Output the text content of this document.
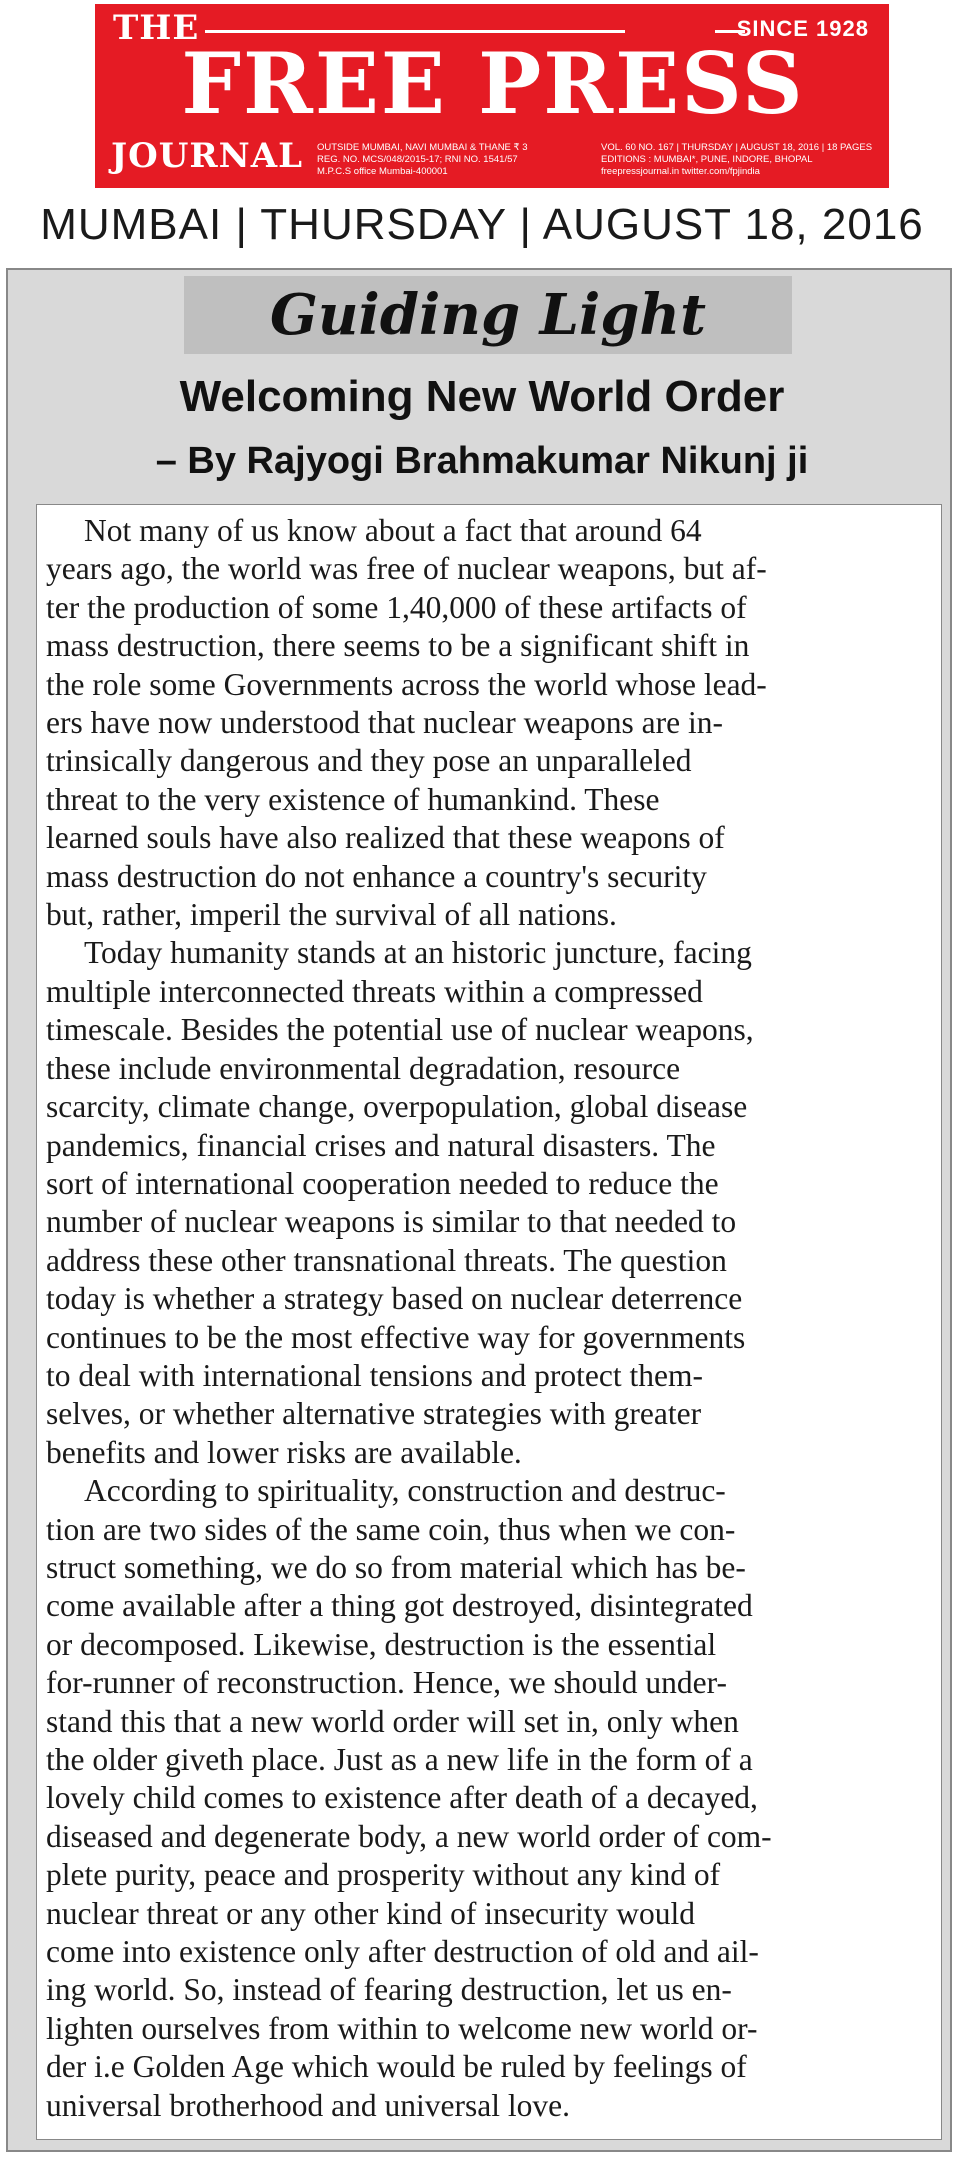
THE	SINCE 1928
FREE PRESS
JOURNAL OUTSIDE MUMBAI, NAVI MUMBAI & THANE ₹ 3
REG. NO. MCS/048/2015-17; RNI NO. 1541/57
M.P.C.S office Mumbai-400001
VOL. 60 NO. 167 | THURSDAY | AUGUST 18, 2016 | 18 PAGES
EDITIONS : MUMBAI*, PUNE, INDORE, BHOPAL
freepressjournal.in twitter.com/fpjindia
MUMBAI | THURSDAY | AUGUST 18, 2016
Guiding Light
Welcoming New World Order
– By Rajyogi Brahmakumar Nikunj ji

Not many of us know about a fact that around 64
years ago, the world was free of nuclear weapons, but af-
ter the production of some 1,40,000 of these artifacts of
mass destruction, there seems to be a significant shift in
the role some Governments across the world whose lead-
ers have now understood that nuclear weapons are in-
trinsically dangerous and they pose an unparalleled
threat to the very existence of humankind. These
learned souls have also realized that these weapons of
mass destruction do not enhance a country's security
but, rather, imperil the survival of all nations.

Today humanity stands at an historic juncture, facing
multiple interconnected threats within a compressed
timescale. Besides the potential use of nuclear weapons,
these include environmental degradation, resource
scarcity, climate change, overpopulation, global disease
pandemics, financial crises and natural disasters. The
sort of international cooperation needed to reduce the
number of nuclear weapons is similar to that needed to
address these other transnational threats. The question
today is whether a strategy based on nuclear deterrence
continues to be the most effective way for governments
to deal with international tensions and protect them-
selves, or whether alternative strategies with greater
benefits and lower risks are available.

According to spirituality, construction and destruc-
tion are two sides of the same coin, thus when we con-
struct something, we do so from material which has be-
come available after a thing got destroyed, disintegrated
or decomposed. Likewise, destruction is the essential
for-runner of reconstruction. Hence, we should under-
stand this that a new world order will set in, only when
the older giveth place. Just as a new life in the form of a
lovely child comes to existence after death of a decayed,
diseased and degenerate body, a new world order of com-
plete purity, peace and prosperity without any kind of
nuclear threat or any other kind of insecurity would
come into existence only after destruction of old and ail-
ing world. So, instead of fearing destruction, let us en-
lighten ourselves from within to welcome new world or-
der i.e Golden Age which would be ruled by feelings of
universal brotherhood and universal love.
